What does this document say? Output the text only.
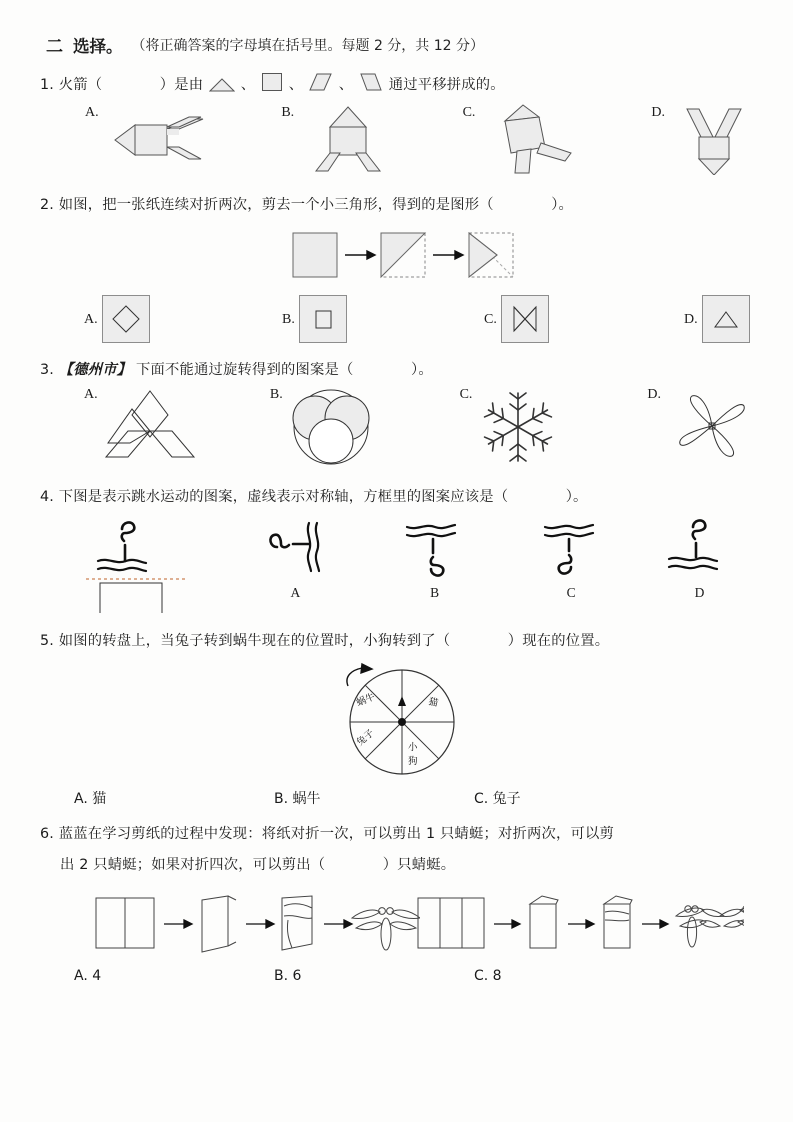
二 选择。 （将正确答案的字母填在括号里。每题 2 分，共 12 分）
1. 火箭（	）是由	、 、 、 通过平移拼成的。
A.	B.	C.	D.
2. 如图，把一张纸连续对折两次，剪去一个小三角形，得到的是图形（	）。
A.	B.	C.	D.
3. 【德州市】 下面不能通过旋转得到的图案是（	）。
A.	B.	C.	D.
4. 下图是表示跳水运动的图案，虚线表示对称轴，方框里的图案应该是（	）。
A	B	C	D
5. 如图的转盘上，当兔子转到蜗牛现在的位置时，小狗转到了（	）现在的位置。
猫
蜗牛
兔子	小
狗
A. 猫	B. 蜗牛	C. 兔子
6. 蓝蓝在学习剪纸的过程中发现：将纸对折一次，可以剪出 1 只蜻蜓；对折两次，可以剪
出 2 只蜻蜓；如果对折四次，可以剪出（	）只蜻蜓。
A. 4	B. 6	C. 8
